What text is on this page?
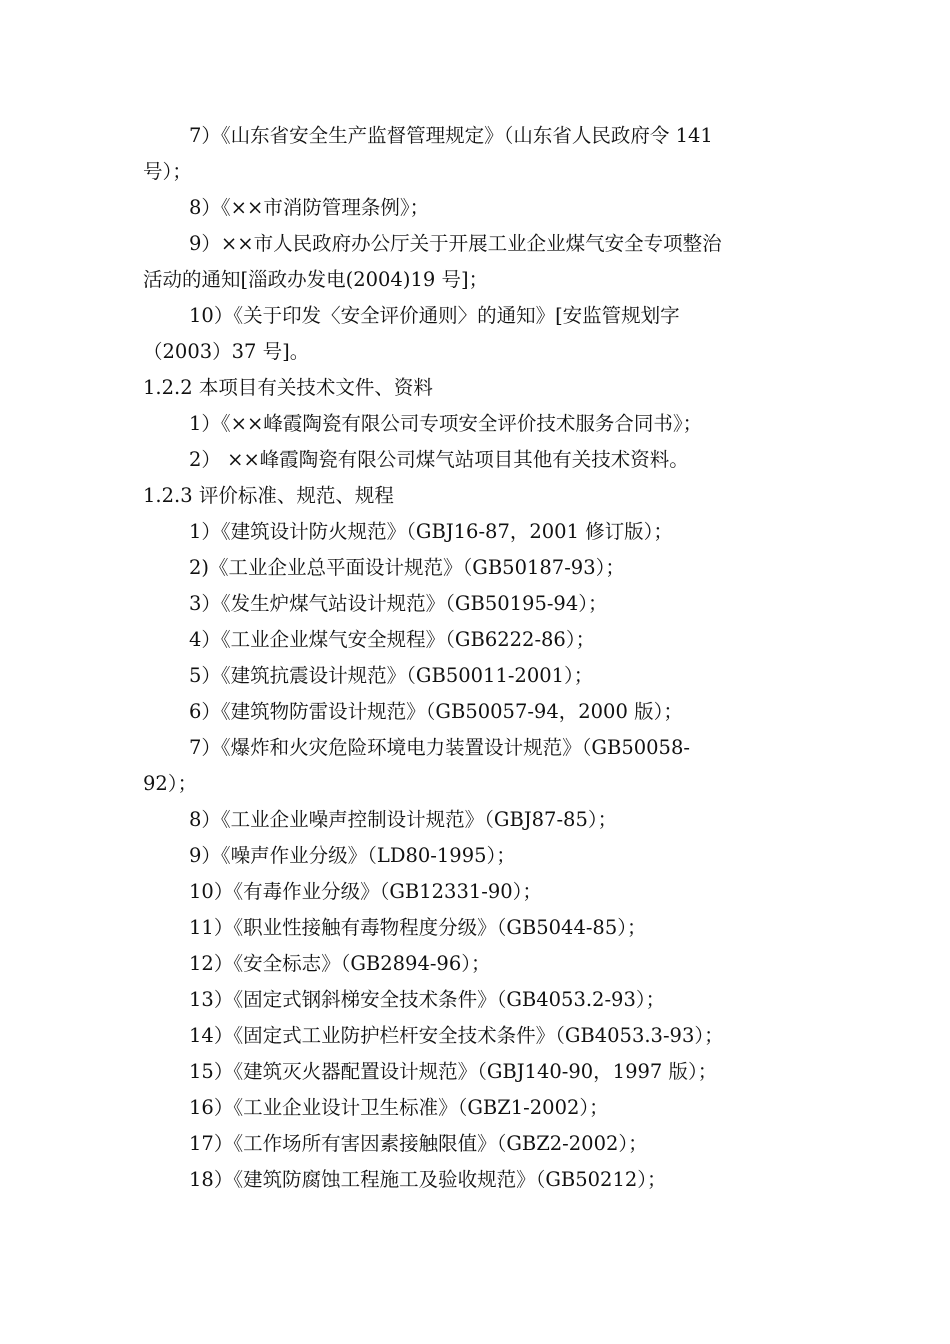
7）《山东省安全生产监督管理规定》（山东省人民政府令 141
号）；
8）《××市消防管理条例》；
9）××市人民政府办公厅关于开展工业企业煤气安全专项整治
活动的通知[淄政办发电(2004)19 号]；
10）《关于印发〈安全评价通则〉的通知》[安监管规划字
（2003）37 号]。
1.2.2 本项目有关技术文件、资料
1）《××峰霞陶瓷有限公司专项安全评价技术服务合同书》；
2） ××峰霞陶瓷有限公司煤气站项目其他有关技术资料。
1.2.3 评价标准、规范、规程
1）《建筑设计防火规范》（GBJ16-87，2001 修订版）；
2)《工业企业总平面设计规范》（GB50187-93）；
3）《发生炉煤气站设计规范》（GB50195-94）；
4）《工业企业煤气安全规程》（GB6222-86）；
5）《建筑抗震设计规范》（GB50011-2001）；
6）《建筑物防雷设计规范》（GB50057-94，2000 版）；
7）《爆炸和火灾危险环境电力装置设计规范》（GB50058-
92）；
8）《工业企业噪声控制设计规范》（GBJ87-85）；
9）《噪声作业分级》（LD80-1995）；
10）《有毒作业分级》（GB12331-90）；
11）《职业性接触有毒物程度分级》（GB5044-85）；
12）《安全标志》（GB2894-96）；
13）《固定式钢斜梯安全技术条件》（GB4053.2-93）；
14）《固定式工业防护栏杆安全技术条件》（GB4053.3-93）；
15）《建筑灭火器配置设计规范》（GBJ140-90，1997 版）；
16）《工业企业设计卫生标准》（GBZ1-2002）；
17）《工作场所有害因素接触限值》（GBZ2-2002）；
18）《建筑防腐蚀工程施工及验收规范》（GB50212）；
